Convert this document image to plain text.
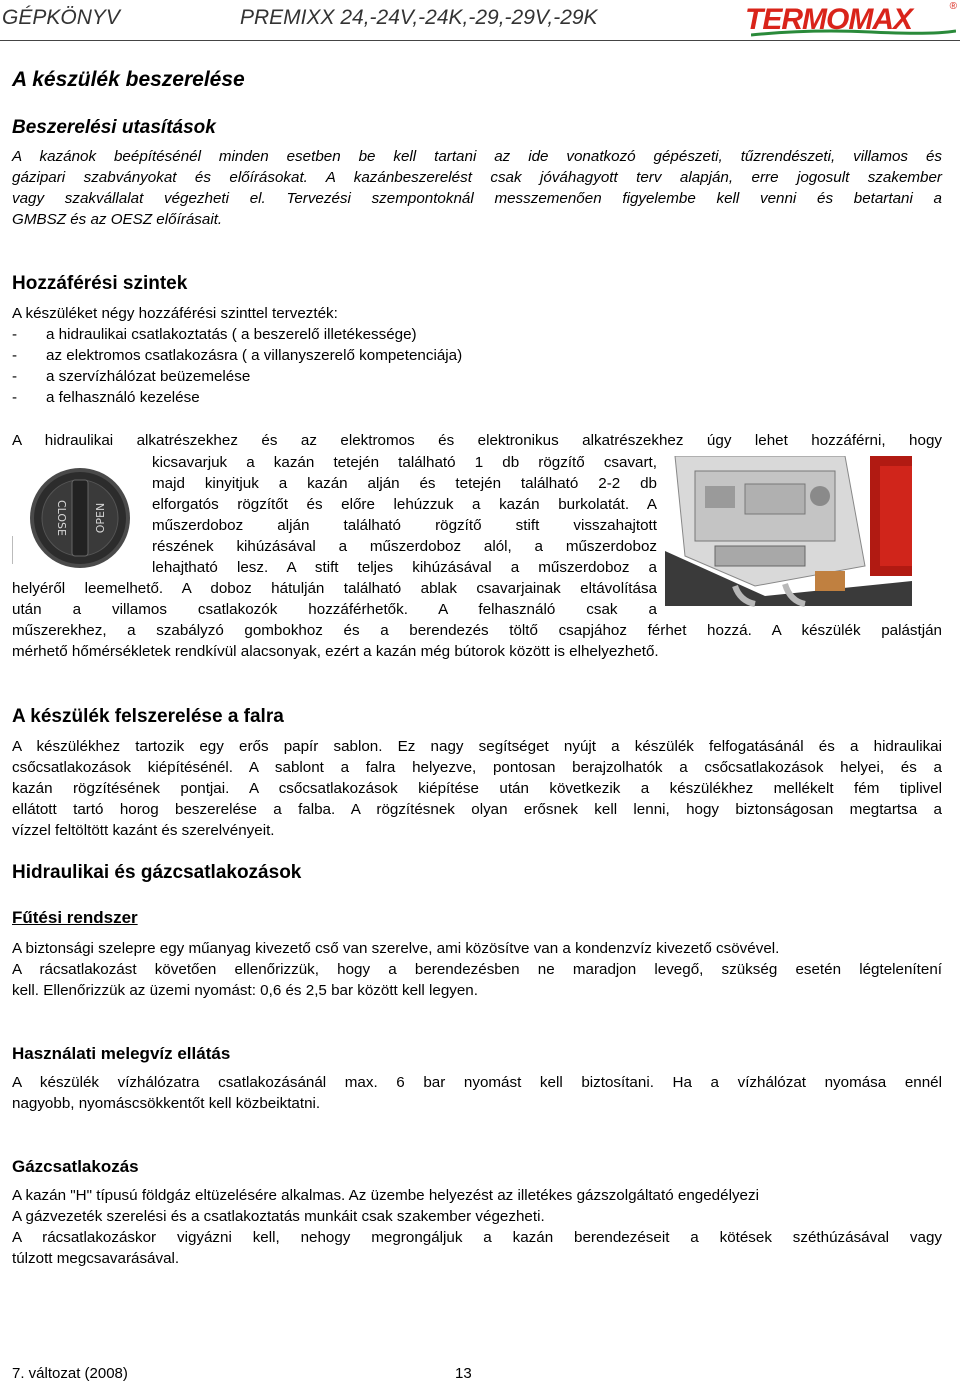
GÉPKÖNYV	PREMIXX 24,-24V,-24K,-29,-29V,-29K	TERMOMAX	®
A készülék beszerelése
Beszerelési utasítások
A kazánok beépítésénél minden esetben be kell tartani az ide vonatkozó gépészeti, tűzrendészeti, villamos és
gázipari szabványokat és előírásokat. A kazánbeszerelést csak jóváhagyott terv alapján, erre jogosult szakember
vagy szakvállalat végezheti el. Tervezési szempontoknál messzemenően figyelembe kell venni és betartani a
GMBSZ és az OESZ előírásait.
Hozzáférési szintek
A készüléket négy hozzáférési szinttel tervezték:
- a hidraulikai csatlakoztatás ( a beszerelő illetékessége)
- az elektromos csatlakozásra ( a villanyszerelő kompetenciája)
- a szervízhálózat beüzemelése
- a felhasználó kezelése
A hidraulikai alkatrészekhez és az elektromos és elektronikus alkatrészekhez úgy lehet hozzáférni, hogy
CLOSE OPEN
kicsavarjuk a kazán tetején található 1 db rögzítő csavart,
majd kinyitjuk a kazán alján és tetején található 2-2 db
elforgatós rögzítőt és előre lehúzzuk a kazán burkolatát. A
műszerdoboz alján található rögzítő stift visszahajtott
részének kihúzásával a műszerdoboz alól, a műszerdoboz
lehajtható lesz. A stift teljes kihúzásával a műszerdoboz a
helyéről leemelhető. A doboz hátulján található ablak csavarjainak eltávolítása
után a villamos csatlakozók hozzáférhetők. A felhasználó csak a
műszerekhez, a szabályzó gombokhoz és a berendezés töltő csapjához férhet hozzá. A készülék palástján
mérhető hőmérsékletek rendkívül alacsonyak, ezért a kazán még bútorok között is elhelyezhető.
A készülék felszerelése a falra
A készülékhez tartozik egy erős papír sablon. Ez nagy segítséget nyújt a készülék felfogatásánál és a hidraulikai
csőcsatlakozások kiépítésénél. A sablont a falra helyezve, pontosan berajzolhatók a csőcsatlakozások helyei, és a
kazán rögzítésének pontjai. A csőcsatlakozások kiépítése után következik a készülékhez mellékelt fém tiplivel
ellátott tartó horog beszerelése a falba. A rögzítésnek olyan erősnek kell lenni, hogy biztonságosan megtartsa a
vízzel feltöltött kazánt és szerelvényeit.
Hidraulikai és gázcsatlakozások
Fűtési rendszer
A biztonsági szelepre egy műanyag kivezető cső van szerelve, ami közösítve van a kondenzvíz kivezető csövével.
A rácsatlakozást követően ellenőrizzük, hogy a berendezésben ne maradjon levegő, szükség esetén légtelenítení
kell. Ellenőrizzük az üzemi nyomást: 0,6 és 2,5 bar között kell legyen.
Használati melegvíz ellátás
A készülék vízhálózatra csatlakozásánál max. 6 bar nyomást kell biztosítani. Ha a vízhálózat nyomása ennél
nagyobb, nyomáscsökkentőt kell közbeiktatni.
Gázcsatlakozás
A kazán "H" típusú földgáz eltüzelésére alkalmas. Az üzembe helyezést az illetékes gázszolgáltató engedélyezi
A gázvezeték szerelési és a csatlakoztatás munkáit csak szakember végezheti.
A rácsatlakozáskor vigyázni kell, nehogy megrongáljuk a kazán berendezéseit a kötések széthúzásával vagy
túlzott megcsavarásával.
7. változat (2008)	13
